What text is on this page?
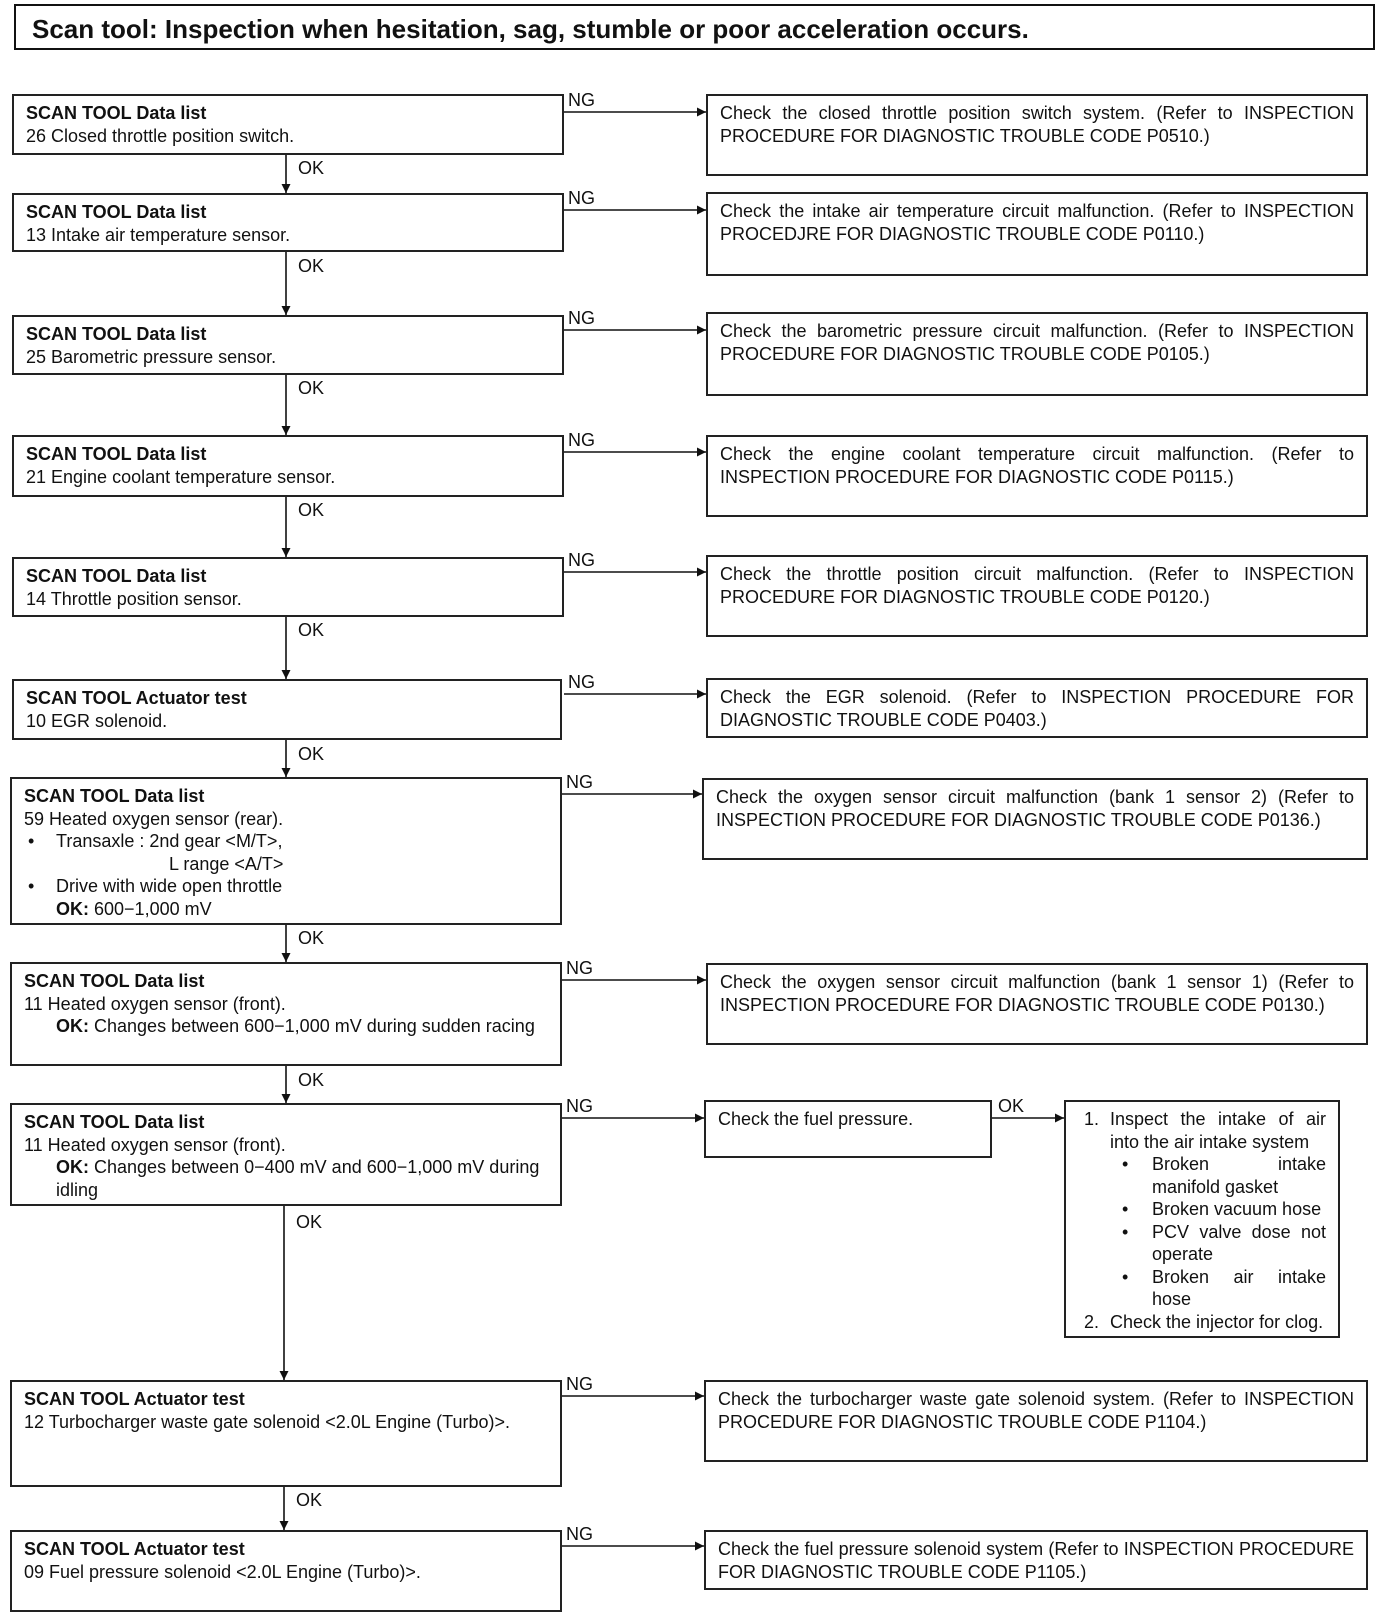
Scan tool: Inspection when hesitation, sag, stumble or poor acceleration occurs.
NG
NG
NG
NG
NG
NG
NG
NG
NG	OK
NG
NG
OK
OK
OK
OK
OK
OK
OK
OK
OK
OK
SCAN TOOL Data list
26 Closed throttle position switch.
Check the closed throttle position switch system. (Refer to INSPECTION PROCEDURE FOR DIAGNOSTIC TROUBLE CODE P0510.)
SCAN TOOL Data list
13 Intake air temperature sensor.
Check the intake air temperature circuit malfunction. (Refer to INSPECTION PROCEDJRE FOR DIAGNOSTIC TROUBLE CODE P0110.)
SCAN TOOL Data list
25 Barometric pressure sensor.
Check the barometric pressure circuit malfunction. (Refer to INSPECTION PROCEDURE FOR DIAGNOSTIC TROUBLE CODE P0105.)
SCAN TOOL Data list
21 Engine coolant temperature sensor.
Check the engine coolant temperature circuit malfunction. (Refer to INSPECTION PROCEDURE FOR DIAGNOSTIC CODE P0115.)
SCAN TOOL Data list
14 Throttle position sensor.
Check the throttle position circuit malfunction. (Refer to INSPECTION PROCEDURE FOR DIAGNOSTIC TROUBLE CODE P0120.)
SCAN TOOL Actuator test
10 EGR solenoid.
Check the EGR solenoid. (Refer to INSPECTION PROCEDURE FOR DIAGNOSTIC TROUBLE CODE P0403.)
SCAN TOOL Data list
59 Heated oxygen sensor (rear).
• Transaxle : 2nd gear <M/T>,
L range <A/T>
• Drive with wide open throttle
OK: 600−1,000 mV
Check the oxygen sensor circuit malfunction (bank 1 sensor 2) (Refer to INSPECTION PROCEDURE FOR DIAGNOSTIC TROUBLE CODE P0136.)
SCAN TOOL Data list
11 Heated oxygen sensor (front).
OK: Changes between 600−1,000 mV during sudden racing
Check the oxygen sensor circuit malfunction (bank 1 sensor 1) (Refer to INSPECTION PROCEDURE FOR DIAGNOSTIC TROUBLE CODE P0130.)
SCAN TOOL Data list
11 Heated oxygen sensor (front).
OK: Changes between 0−400 mV and 600−1,000 mV during idling
Check the fuel pressure.	1. Inspect the intake of air into the air intake system
• Broken intake manifold gasket
• Broken vacuum hose
• PCV valve dose not operate
• Broken air intake hose
2. Check the injector for clog.
SCAN TOOL Actuator test
12 Turbocharger waste gate solenoid <2.0L Engine (Turbo)>.
Check the turbocharger waste gate solenoid system. (Refer to INSPECTION PROCEDURE FOR DIAGNOSTIC TROUBLE CODE P1104.)
SCAN TOOL Actuator test
09 Fuel pressure solenoid <2.0L Engine (Turbo)>.
Check the fuel pressure solenoid system (Refer to INSPECTION PROCEDURE FOR DIAGNOSTIC TROUBLE CODE P1105.)
